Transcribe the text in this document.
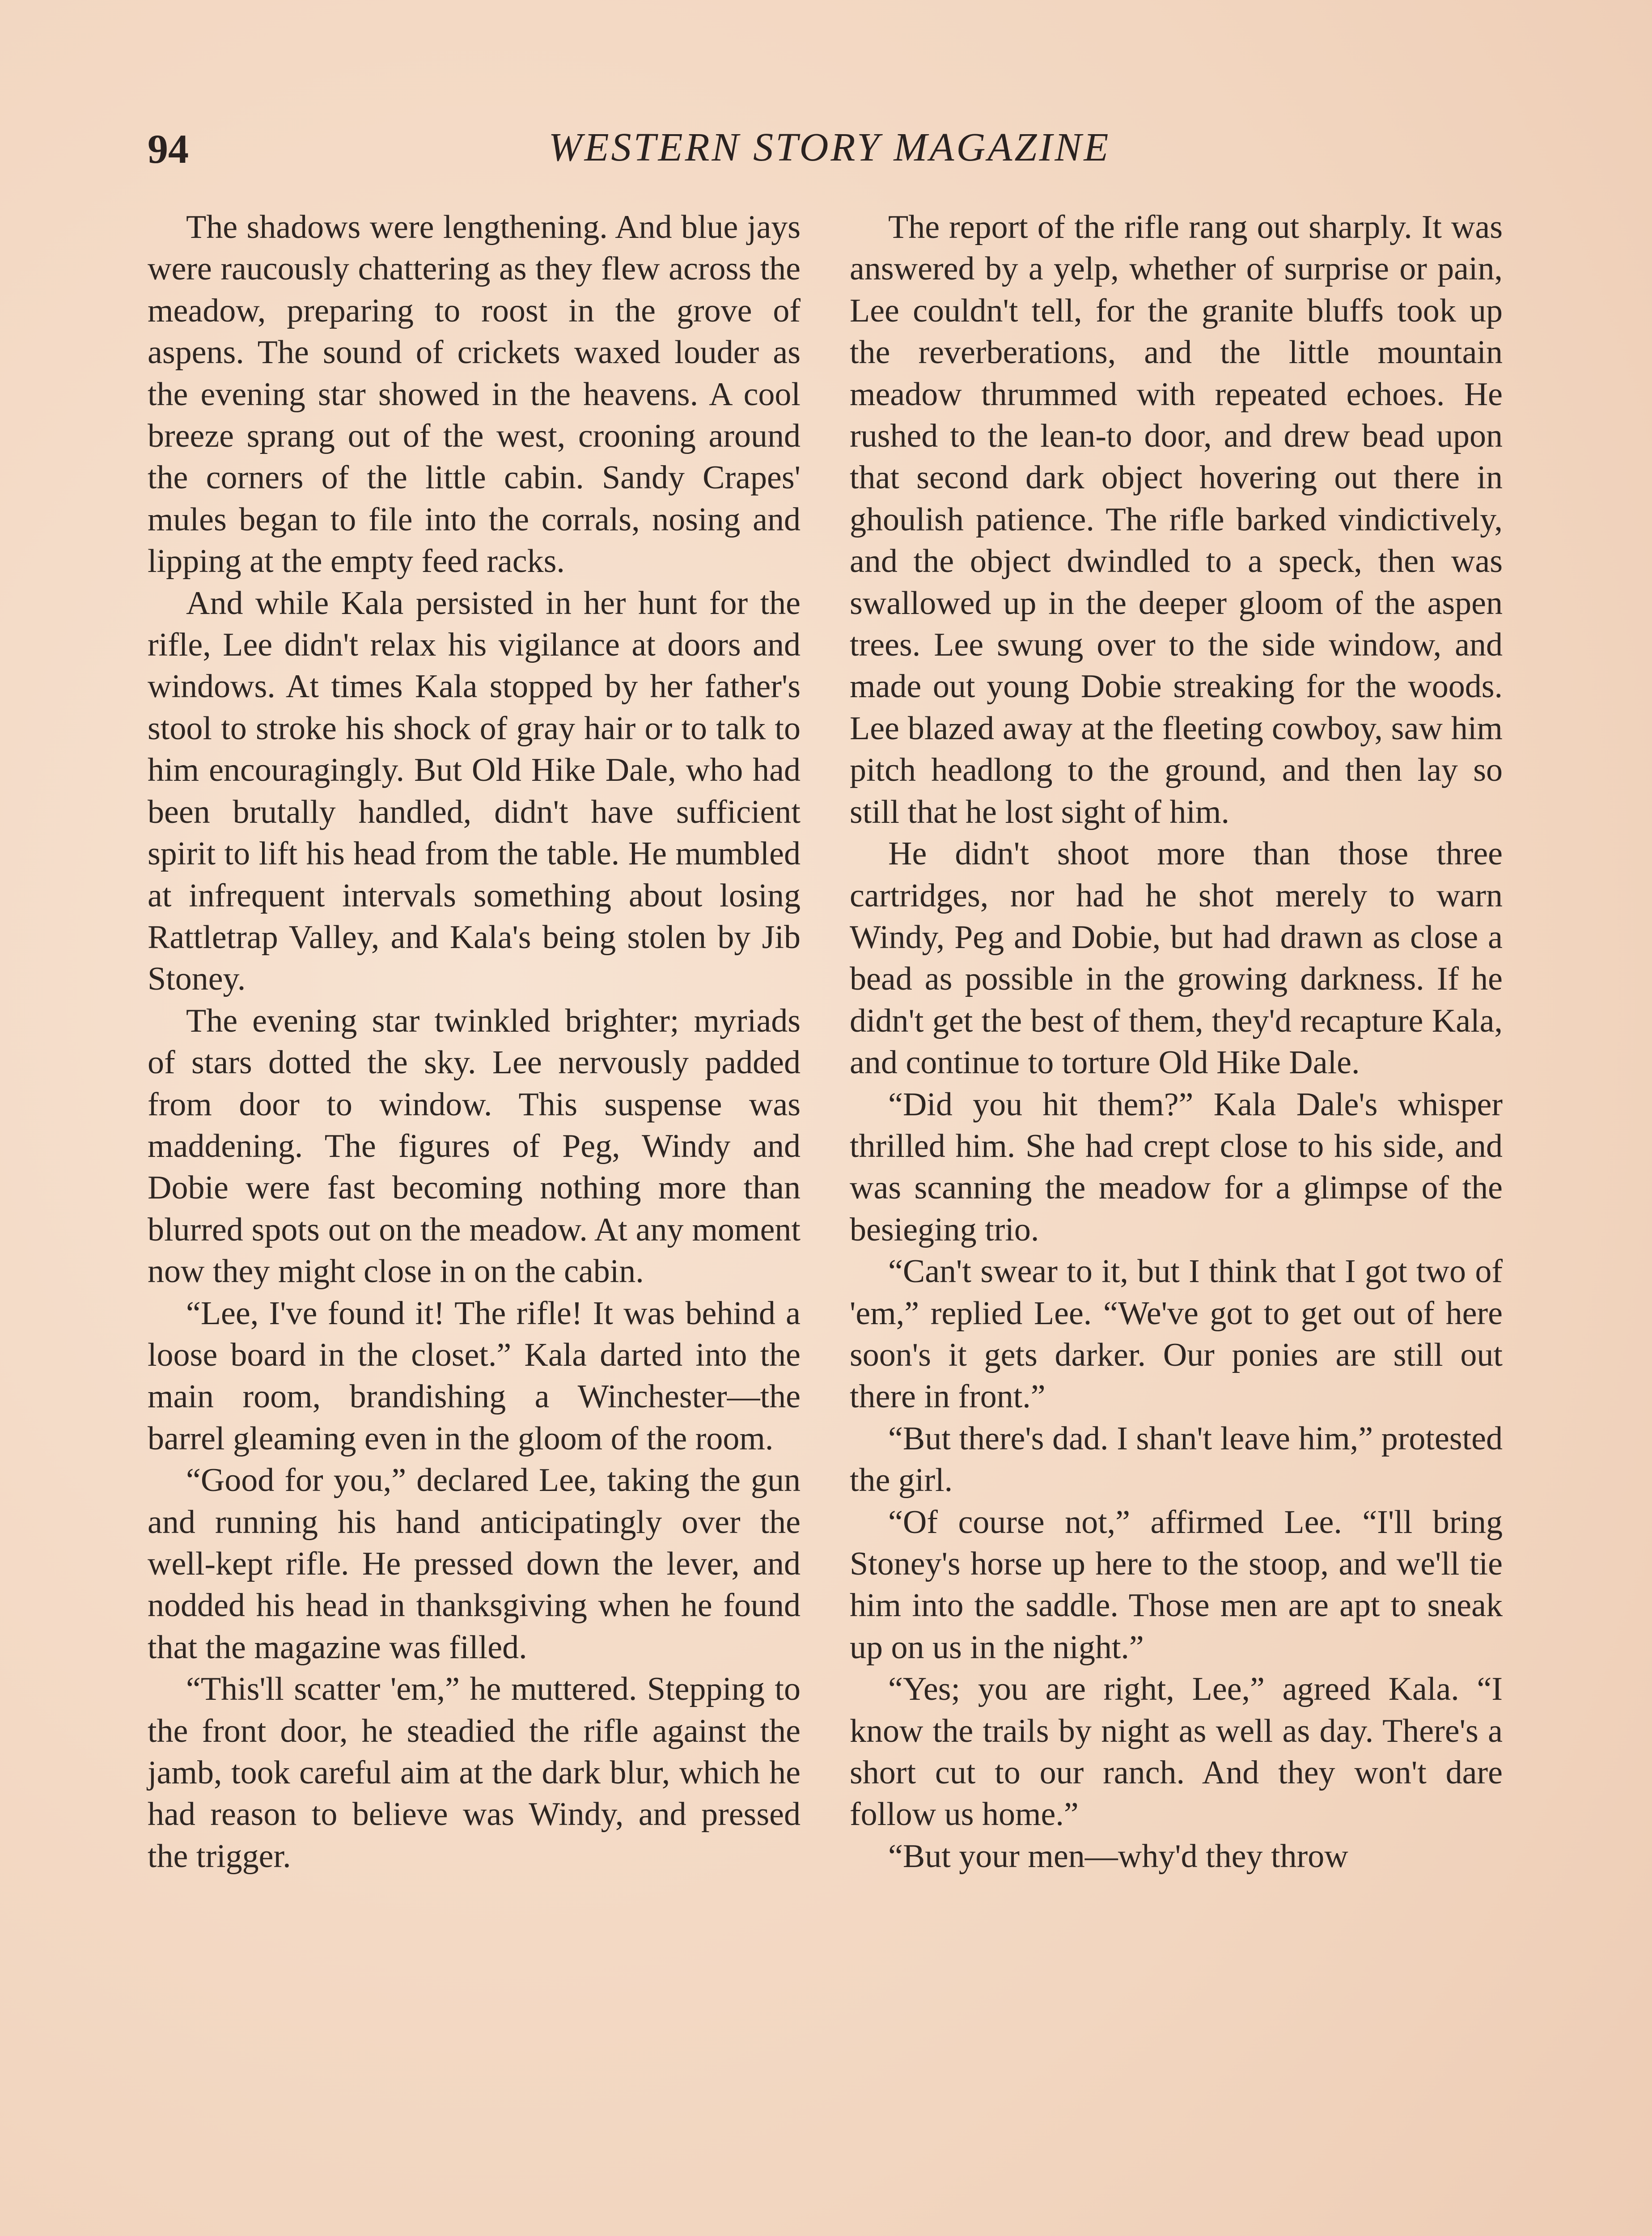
94	WESTERN STORY MAGAZINE

The shadows were lengthening. And blue jays were raucously chattering as they flew across the meadow, preparing to roost in the grove of aspens. The sound of crickets waxed louder as the evening star showed in the heavens. A cool breeze sprang out of the west, crooning around the corners of the little cabin. Sandy Crapes' mules began to file into the corrals, nosing and lipping at the empty feed racks.

And while Kala persisted in her hunt for the rifle, Lee didn't relax his vigilance at doors and windows. At times Kala stopped by her father's stool to stroke his shock of gray hair or to talk to him encouragingly. But Old Hike Dale, who had been brutally handled, didn't have sufficient spirit to lift his head from the table. He mumbled at infrequent intervals something about losing Rattletrap Valley, and Kala's being stolen by Jib Stoney.

The evening star twinkled brighter; myriads of stars dotted the sky. Lee nervously padded from door to window. This suspense was maddening. The figures of Peg, Windy and Dobie were fast becoming nothing more than blurred spots out on the meadow. At any moment now they might close in on the cabin.

“Lee, I've found it! The rifle! It was behind a loose board in the closet.” Kala darted into the main room, brandishing a Winchester—the barrel gleaming even in the gloom of the room.

“Good for you,” declared Lee, taking the gun and running his hand anticipatingly over the well-kept rifle. He pressed down the lever, and nodded his head in thanksgiving when he found that the magazine was filled.

“This'll scatter 'em,” he muttered. Stepping to the front door, he steadied the rifle against the jamb, took careful aim at the dark blur, which he had reason to believe was Windy, and pressed the trigger.

The report of the rifle rang out sharply. It was answered by a yelp, whether of surprise or pain, Lee couldn't tell, for the granite bluffs took up the reverberations, and the little mountain meadow thrummed with repeated echoes. He rushed to the lean-to door, and drew bead upon that second dark object hovering out there in ghoulish patience. The rifle barked vindictively, and the object dwindled to a speck, then was swallowed up in the deeper gloom of the aspen trees. Lee swung over to the side window, and made out young Dobie streaking for the woods. Lee blazed away at the fleeting cowboy, saw him pitch headlong to the ground, and then lay so still that he lost sight of him.

He didn't shoot more than those three cartridges, nor had he shot merely to warn Windy, Peg and Dobie, but had drawn as close a bead as possible in the growing darkness. If he didn't get the best of them, they'd recapture Kala, and continue to torture Old Hike Dale.

“Did you hit them?” Kala Dale's whisper thrilled him. She had crept close to his side, and was scanning the meadow for a glimpse of the besieging trio.

“Can't swear to it, but I think that I got two of 'em,” replied Lee. “We've got to get out of here soon's it gets darker. Our ponies are still out there in front.”

“But there's dad. I shan't leave him,” protested the girl.

“Of course not,” affirmed Lee. “I'll bring Stoney's horse up here to the stoop, and we'll tie him into the saddle. Those men are apt to sneak up on us in the night.”

“Yes; you are right, Lee,” agreed Kala. “I know the trails by night as well as day. There's a short cut to our ranch. And they won't dare follow us home.”

“But your men—why'd they throw
